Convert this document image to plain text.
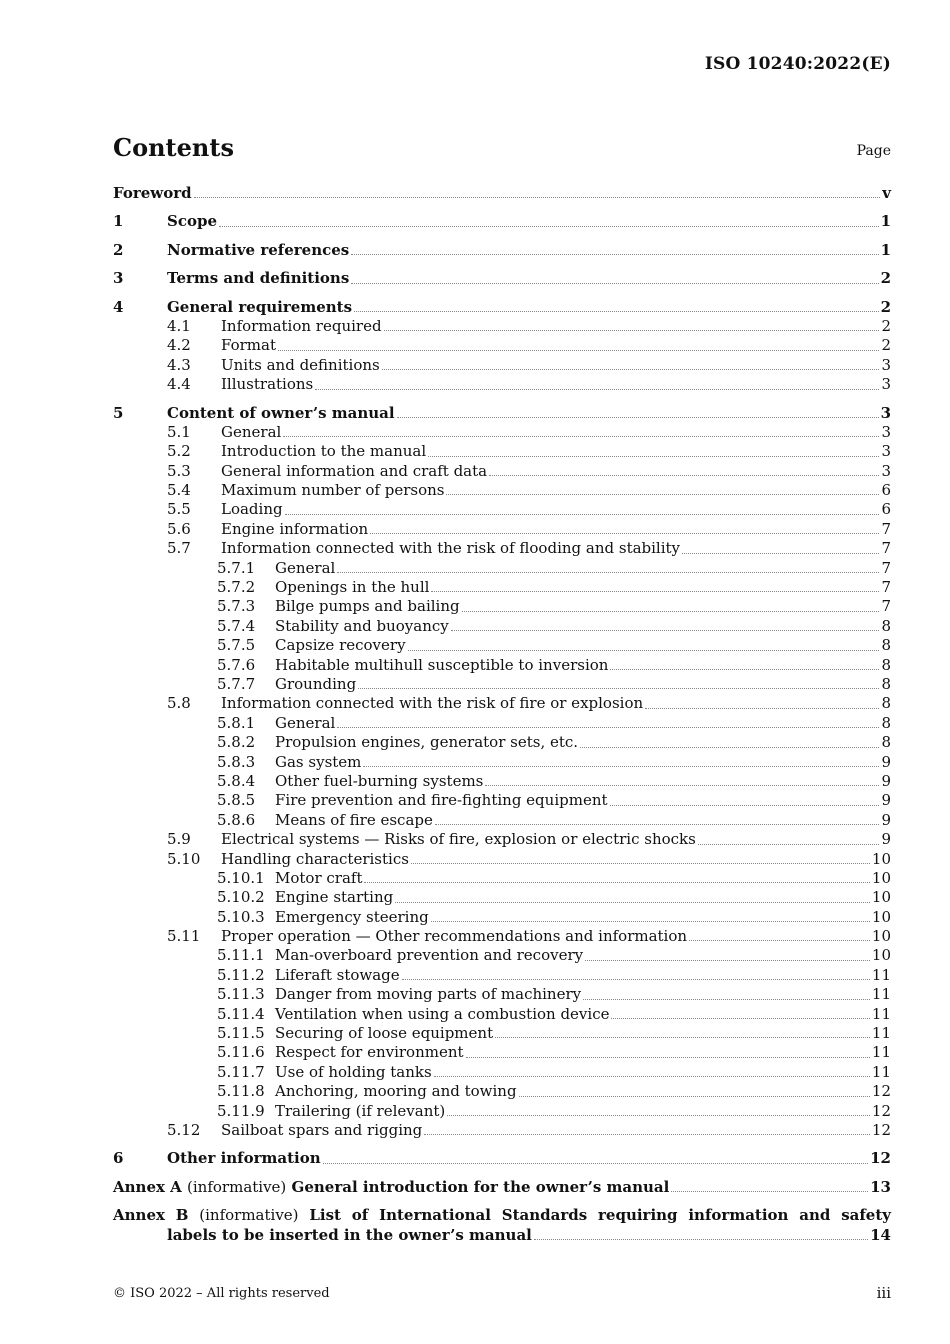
ISO 10240:2022(E)
Contents	Page
Foreword	v
1	Scope	1
2	Normative references	1
3	Terms and definitions	2
4	General requirements	2
4.1	Information required	2
4.2	Format	2
4.3	Units and definitions	3
4.4	Illustrations	3
5	Content of owner’s manual	3
5.1	General	3
5.2	Introduction to the manual	3
5.3	General information and craft data	3
5.4	Maximum number of persons	6
5.5	Loading	6
5.6	Engine information	7
5.7	Information connected with the risk of flooding and stability	7
5.7.1	General	7
5.7.2	Openings in the hull	7
5.7.3	Bilge pumps and bailing	7
5.7.4	Stability and buoyancy	8
5.7.5	Capsize recovery	8
5.7.6	Habitable multihull susceptible to inversion	8
5.7.7	Grounding	8
5.8	Information connected with the risk of fire or explosion	8
5.8.1	General	8
5.8.2	Propulsion engines, generator sets, etc.	8
5.8.3	Gas system	9
5.8.4	Other fuel-burning systems	9
5.8.5	Fire prevention and fire-fighting equipment	9
5.8.6	Means of fire escape	9
5.9	Electrical systems — Risks of fire, explosion or electric shocks	9
5.10	Handling characteristics	10
5.10.1 Motor craft	10
5.10.2 Engine starting	10
5.10.3 Emergency steering	10
5.11	Proper operation — Other recommendations and information	10
5.11.1 Man-overboard prevention and recovery	10
5.11.2 Liferaft stowage	11
5.11.3 Danger from moving parts of machinery	11
5.11.4 Ventilation when using a combustion device	11
5.11.5 Securing of loose equipment	11
5.11.6 Respect for environment	11
5.11.7 Use of holding tanks	11
5.11.8 Anchoring, mooring and towing	12
5.11.9 Trailering (if relevant)	12
5.12	Sailboat spars and rigging	12
6	Other information	12
Annex A (informative) General introduction for the owner’s manual	13
Annex B (informative) List of International Standards requiring information and safety
labels to be inserted in the owner’s manual	14
© ISO 2022 – All rights reserved	iii
